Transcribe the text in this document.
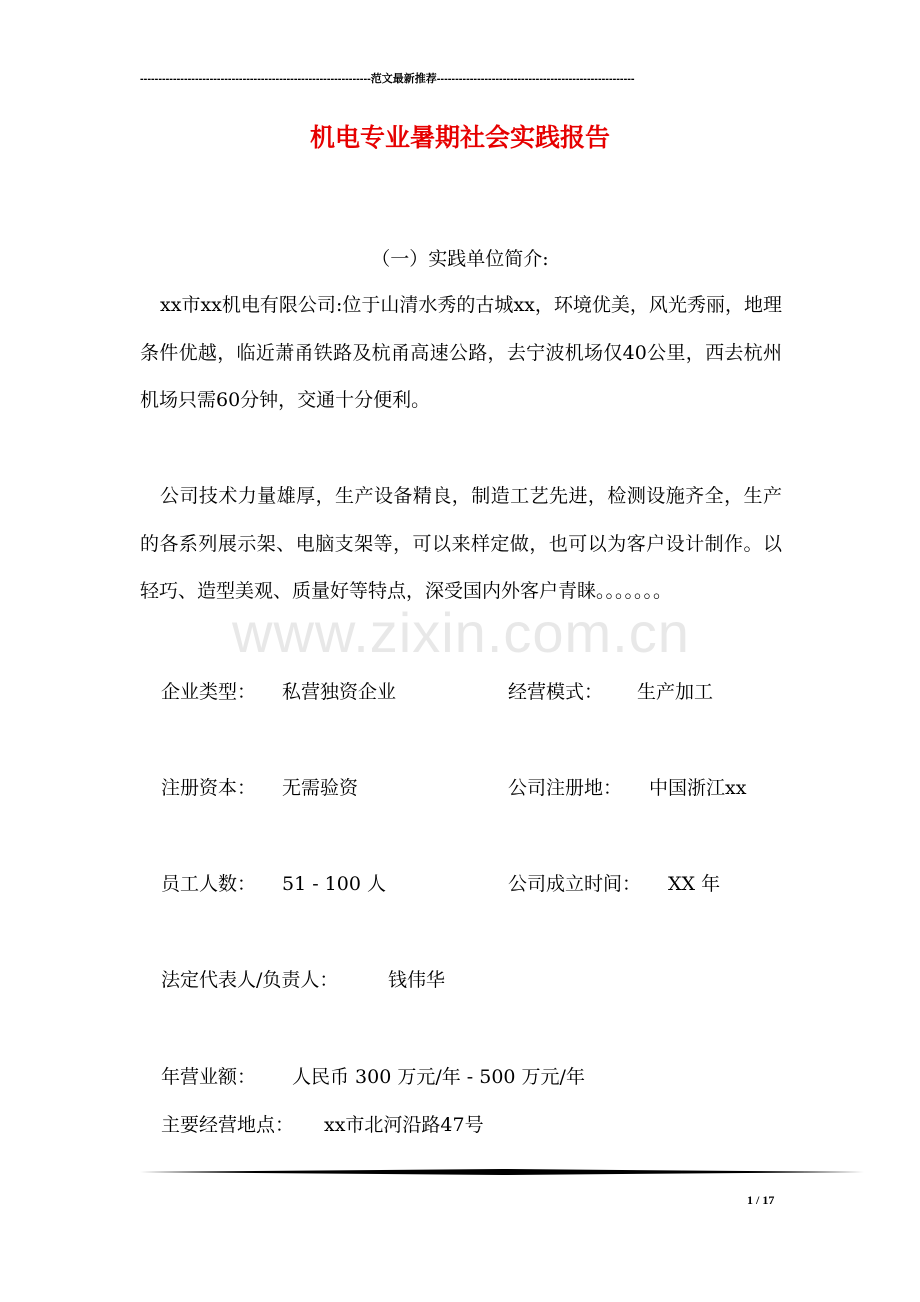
---------------------------------------------------------------范文最新推荐------------------------------------------------------
机电专业暑期社会实践报告
（一）实践单位简介:
xx市xx机电有限公司:位于山清水秀的古城xx，环境优美，风光秀丽，地理条件优越，临近萧甬铁路及杭甬高速公路，去宁波机场仅40公里，西去杭州机场只需60分钟，交通十分便利。
公司技术力量雄厚，生产设备精良，制造工艺先进，检测设施齐全，生产的各系列展示架、电脑支架等，可以来样定做，也可以为客户设计制作。以轻巧、造型美观、质量好等特点，深受国内外客户青睐。。。。。。。
企业类型： 私营独资企业	经营模式： 生产加工
注册资本： 无需验资	公司注册地： 中国浙江xx
员工人数： 51 - 100 人	公司成立时间： XX 年
法定代表人/负责人：	钱伟华
年营业额： 人民币 300 万元/年 - 500 万元/年
主要经营地点： xx市北河沿路47号
www.zixin.com.cn
1 / 17
